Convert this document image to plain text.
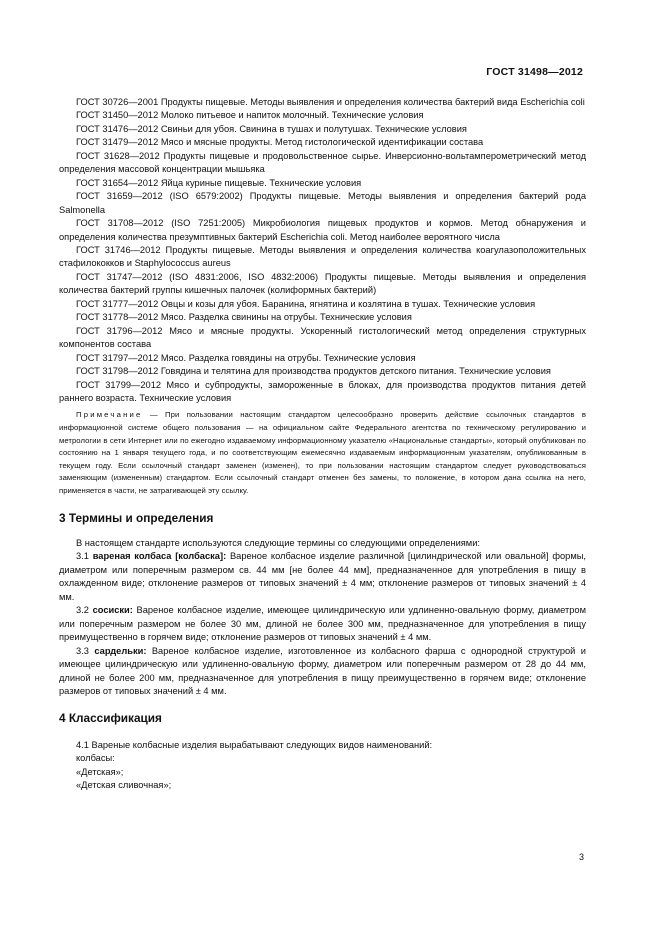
ГОСТ 31498—2012

ГОСТ 30726—2001 Продукты пищевые. Методы выявления и определения количества бактерий вида Escherichia coli

ГОСТ 31450—2012 Молоко питьевое и напиток молочный. Технические условия

ГОСТ 31476—2012 Свиньи для убоя. Свинина в тушах и полутушах. Технические условия

ГОСТ 31479—2012 Мясо и мясные продукты. Метод гистологической идентификации состава

ГОСТ 31628—2012 Продукты пищевые и продовольственное сырье. Инверсионно-вольтамперометрический метод определения массовой концентрации мышьяка

ГОСТ 31654—2012 Яйца куриные пищевые. Технические условия

ГОСТ 31659—2012 (ISO 6579:2002) Продукты пищевые. Методы выявления и определения бактерий рода Salmonella

ГОСТ 31708—2012 (ISO 7251:2005) Микробиология пищевых продуктов и кормов. Метод обнаружения и определения количества презумптивных бактерий Escherichia coli. Метод наиболее вероятного числа

ГОСТ 31746—2012 Продукты пищевые. Методы выявления и определения количества коагулазоположительных стафилококков и Staphylococcus aureus

ГОСТ 31747—2012 (ISO 4831:2006, ISO 4832:2006) Продукты пищевые. Методы выявления и определения количества бактерий группы кишечных палочек (колиформных бактерий)

ГОСТ 31777—2012 Овцы и козы для убоя. Баранина, ягнятина и козлятина в тушах. Технические условия

ГОСТ 31778—2012 Мясо. Разделка свинины на отрубы. Технические условия

ГОСТ 31796—2012 Мясо и мясные продукты. Ускоренный гистологический метод определения структурных компонентов состава

ГОСТ 31797—2012 Мясо. Разделка говядины на отрубы. Технические условия

ГОСТ 31798—2012 Говядина и телятина для производства продуктов детского питания. Технические условия

ГОСТ 31799—2012 Мясо и субпродукты, замороженные в блоках, для производства продуктов питания детей раннего возраста. Технические условия

Примечание — При пользовании настоящим стандартом целесообразно проверить действие ссылочных стандартов в информационной системе общего пользования — на официальном сайте Федерального агентства по техническому регулированию и метрологии в сети Интернет или по ежегодно издаваемому информационному указателю «Национальные стандарты», который опубликован по состоянию на 1 января текущего года, и по соответствующим ежемесячно издаваемым информационным указателям, опубликованным в текущем году. Если ссылочный стандарт заменен (изменен), то при пользовании настоящим стандартом следует руководствоваться заменяющим (измененным) стандартом. Если ссылочный стандарт отменен без замены, то положение, в котором дана ссылка на него, применяется в части, не затрагивающей эту ссылку.

3 Термины и определения

В настоящем стандарте используются следующие термины со следующими определениями:

3.1 вареная колбаса [колбаска]: Вареное колбасное изделие различной [цилиндрической или овальной] формы, диаметром или поперечным размером св. 44 мм [не более 44 мм], предназначенное для употребления в пищу в охлажденном виде; отклонение размеров от типовых значений ± 4 мм; отклонение размеров от типовых значений ± 4 мм.

3.2 сосиски: Вареное колбасное изделие, имеющее цилиндрическую или удлиненно-овальную форму, диаметром или поперечным размером не более 30 мм, длиной не более 300 мм, предназначенное для употребления в пищу преимущественно в горячем виде; отклонение размеров от типовых значений ± 4 мм.

3.3 сардельки: Вареное колбасное изделие, изготовленное из колбасного фарша с однородной структурой и имеющее цилиндрическую или удлиненно-овальную форму, диаметром или поперечным размером от 28 до 44 мм, длиной не более 200 мм, предназначенное для употребления в пищу преимущественно в горячем виде; отклонение размеров от типовых значений ± 4 мм.

4 Классификация

4.1 Вареные колбасные изделия вырабатывают следующих видов наименований:

колбасы:

«Детская»;

«Детская сливочная»;

3
